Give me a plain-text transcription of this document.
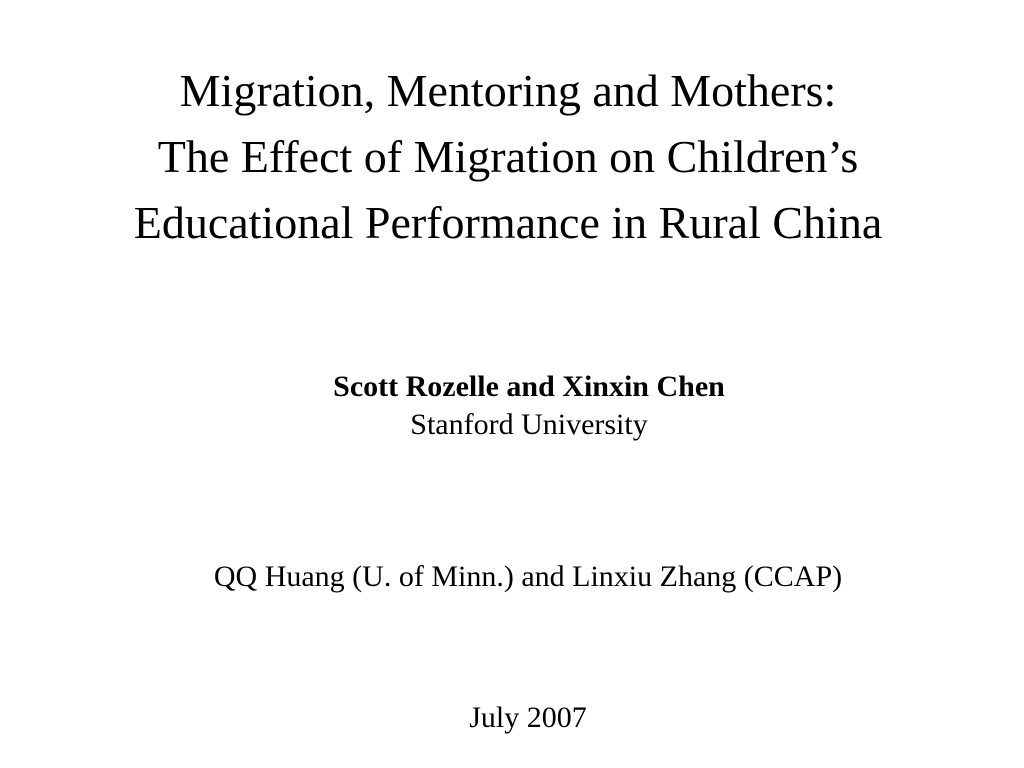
Migration, Mentoring and Mothers:
The Effect of Migration on Children’s
Educational Performance in Rural China
Scott Rozelle and Xinxin Chen
Stanford University
QQ Huang (U. of Minn.) and Linxiu Zhang (CCAP)
July 2007
